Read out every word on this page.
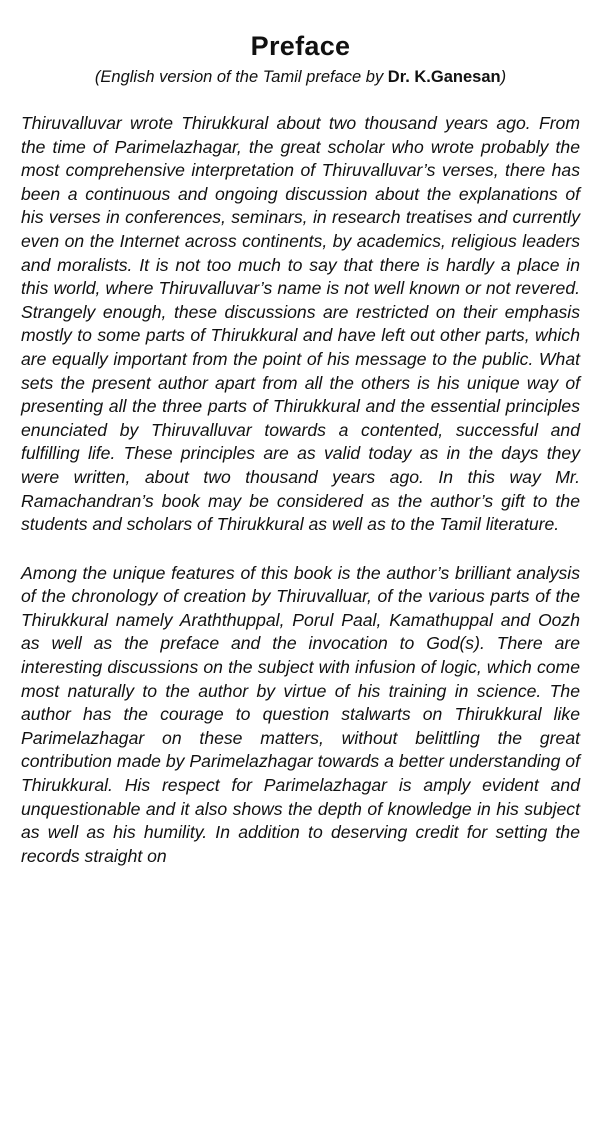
Preface

(English version of the Tamil preface by Dr. K.Ganesan)

Thiruvalluvar wrote Thirukkural about two thousand years ago. From the time of Parimelazhagar, the great scholar who wrote probably the most comprehensive interpretation of Thiruvalluvar’s verses, there has been a continuous and ongoing discussion about the explanations of his verses in conferences, seminars, in research treatises and currently even on the Internet across continents, by academics, religious leaders and moralists. It is not too much to say that there is hardly a place in this world, where Thiruvalluvar’s name is not well known or not revered. Strangely enough, these discussions are restricted on their emphasis mostly to some parts of Thirukkural and have left out other parts, which are equally important from the point of his message to the public. What sets the present author apart from all the others is his unique way of presenting all the three parts of Thirukkural and the essential principles enunciated by Thiruvalluvar towards a contented, successful and fulfilling life. These principles are as valid today as in the days they were written, about two thousand years ago. In this way Mr. Ramachandran’s book may be considered as the author’s gift to the students and scholars of Thirukkural as well as to the Tamil literature.

Among the unique features of this book is the author’s brilliant analysis of the chronology of creation by Thiruvalluar, of the various parts of the Thirukkural namely Araththuppal, Porul Paal, Kamathuppal and Oozh as well as the preface and the invocation to God(s). There are interesting discussions on the subject with infusion of logic, which come most naturally to the author by virtue of his training in science. The author has the courage to question stalwarts on Thirukkural like Parimelazhagar on these matters, without belittling the great contribution made by Parimelazhagar towards a better understanding of Thirukkural. His respect for Parimelazhagar is amply evident and unquestionable and it also shows the depth of knowledge in his subject as well as his humility. In addition to deserving credit for setting the records straight on
